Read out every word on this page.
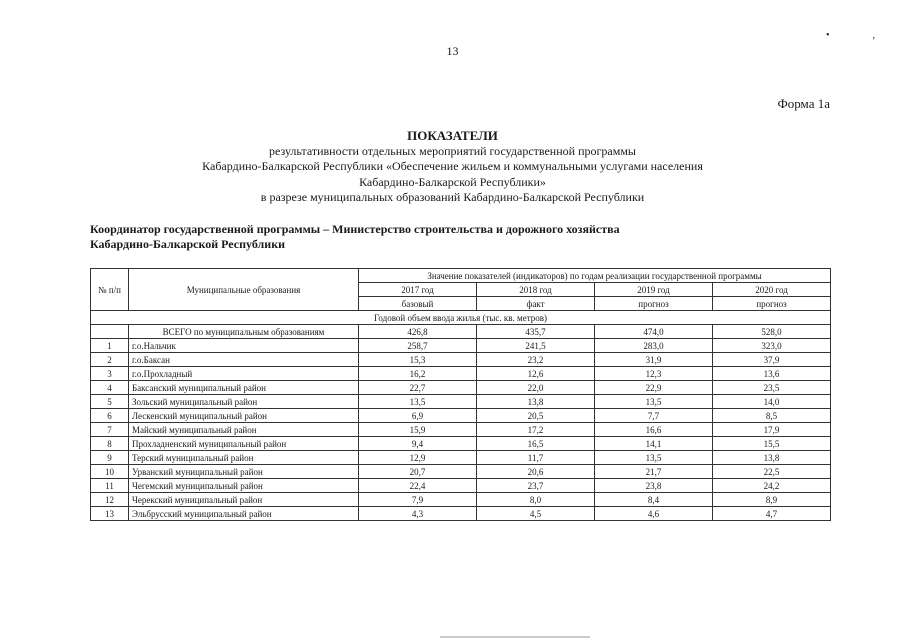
13
•	‚
Форма 1а
ПОКАЗАТЕЛИ
результативности отдельных мероприятий государственной программы
Кабардино-Балкарской Республики «Обеспечение жильем и коммунальными услугами населения
Кабардино-Балкарской Республики»
в разрезе муниципальных образований Кабардино-Балкарской Республики
Координатор государственной программы – Министерство строительства и дорожного хозяйства
Кабардино-Балкарской Республики
№ п/п	Муниципальные образования	Значение показателей (индикаторов) по годам реализации государственной программы			
		2017 год	2018 год	2019 год	2020 год
		базовый	факт	прогноз	прогноз
Годовой объем ввода жилья (тыс. кв. метров)					
	ВСЕГО по муниципальным образованиям	426,8	435,7	474,0	528,0
1	г.о.Нальчик	258,7	241,5	283,0	323,0
2	г.о.Баксан	15,3	23,2	31,9	37,9
3	г.о.Прохладный	16,2	12,6	12,3	13,6
4	Баксанский муниципальный район	22,7	22,0	22,9	23,5
5	Зольский муниципальный район	13,5	13,8	13,5	14,0
6	Лескенский муниципальный район	6,9	20,5	7,7	8,5
7	Майский муниципальный район	15,9	17,2	16,6	17,9
8	Прохладненский муниципальный район	9,4	16,5	14,1	15,5
9	Терский муниципальный район	12,9	11,7	13,5	13,8
10	Урванский муниципальный район	20,7	20,6	21,7	22,5
11	Чегемский муниципальный район	22,4	23,7	23,8	24,2
12	Черекский муниципальный район	7,9	8,0	8,4	8,9
13	Эльбрусский муниципальный район	4,3	4,5	4,6	4,7
